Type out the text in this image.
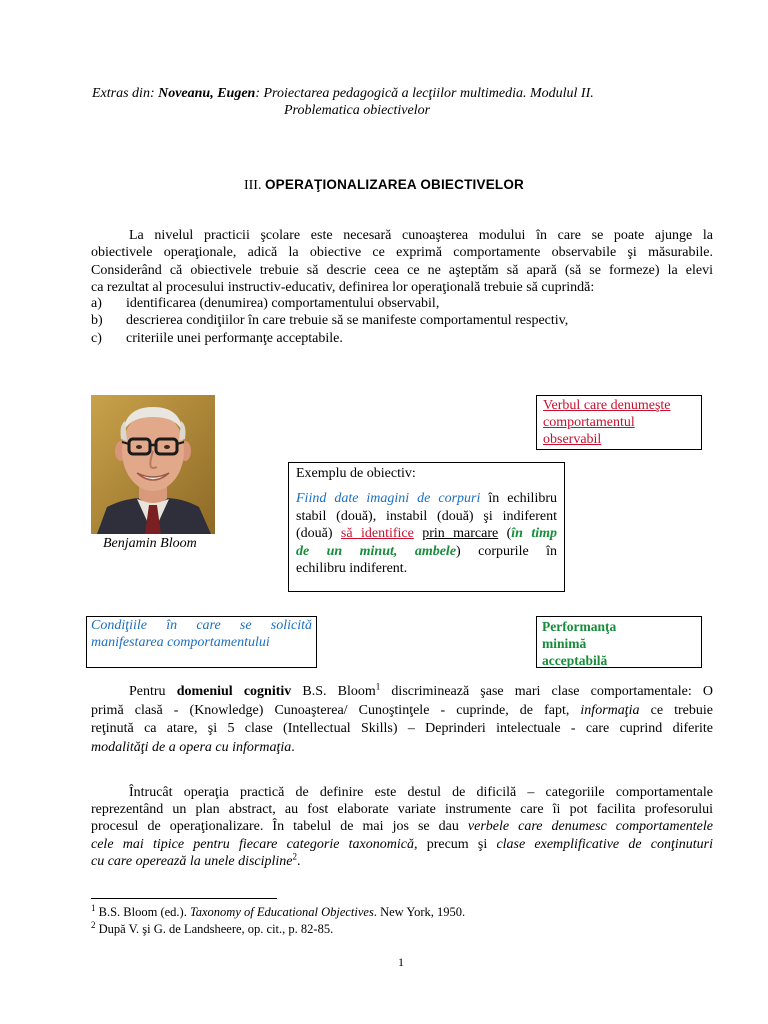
Extras din: Noveanu, Eugen: Proiectarea pedagogică a lecţiilor multimedia. Modulul II.
Problematica obiectivelor
III. OPERAŢIONALIZAREA OBIECTIVELOR
La nivelul practicii şcolare este necesară cunoaşterea modului în care se poate ajunge la
obiectivele operaţionale, adică la obiective ce exprimă comportamente observabile şi măsurabile.
Considerând că obiectivele trebuie să descrie ceea ce ne aşteptăm să apară (să se formeze) la elevi
ca rezultat al procesului instructiv-educativ, definirea lor operaţională trebuie să cuprindă:
a) identificarea (denumirea) comportamentului observabil,
b) descrierea condiţiilor în care trebuie să se manifeste comportamentul respectiv,
c) criteriile unei performanţe acceptabile.
Benjamin Bloom
Verbul care denumeşte
comportamentul
observabil
Exemplu de obiectiv:
Fiind date imagini de corpuri în echilibru
stabil (două), instabil (două) şi indiferent
(două) să identifice prin marcare (în timp
de un minut, ambele) corpurile în
echilibru indiferent.
Condiţiile în care se solicită
manifestarea comportamentului
Performanţa
minimă
acceptabilă
Pentru domeniul cognitiv B.S. Bloom$^1$ discriminează şase mari clase comportamentale: O
primă clasă - (Knowledge) Cunoaşterea/ Cunoştinţele - cuprinde, de fapt, informaţia ce trebuie
reţinută ca atare, şi 5 clase (Intellectual Skills) – Deprinderi intelectuale - care cuprind diferite
modalităţi de a opera cu informaţia.
Întrucât operaţia practică de definire este destul de dificilă – categoriile comportamentale
reprezentând un plan abstract, au fost elaborate variate instrumente care îi pot facilita profesorului
procesul de operaţionalizare. În tabelul de mai jos se dau verbele care denumesc comportamentele
cele mai tipice pentru fiecare categorie taxonomică, precum şi clase exemplificative de conţinuturi
cu care operează la unele discipline$^2$.
$^1$ B.S. Bloom (ed.). Taxonomy of Educational Objectives. New York, 1950.
$^2$ După V. şi G. de Landsheere, op. cit., p. 82-85.
1
